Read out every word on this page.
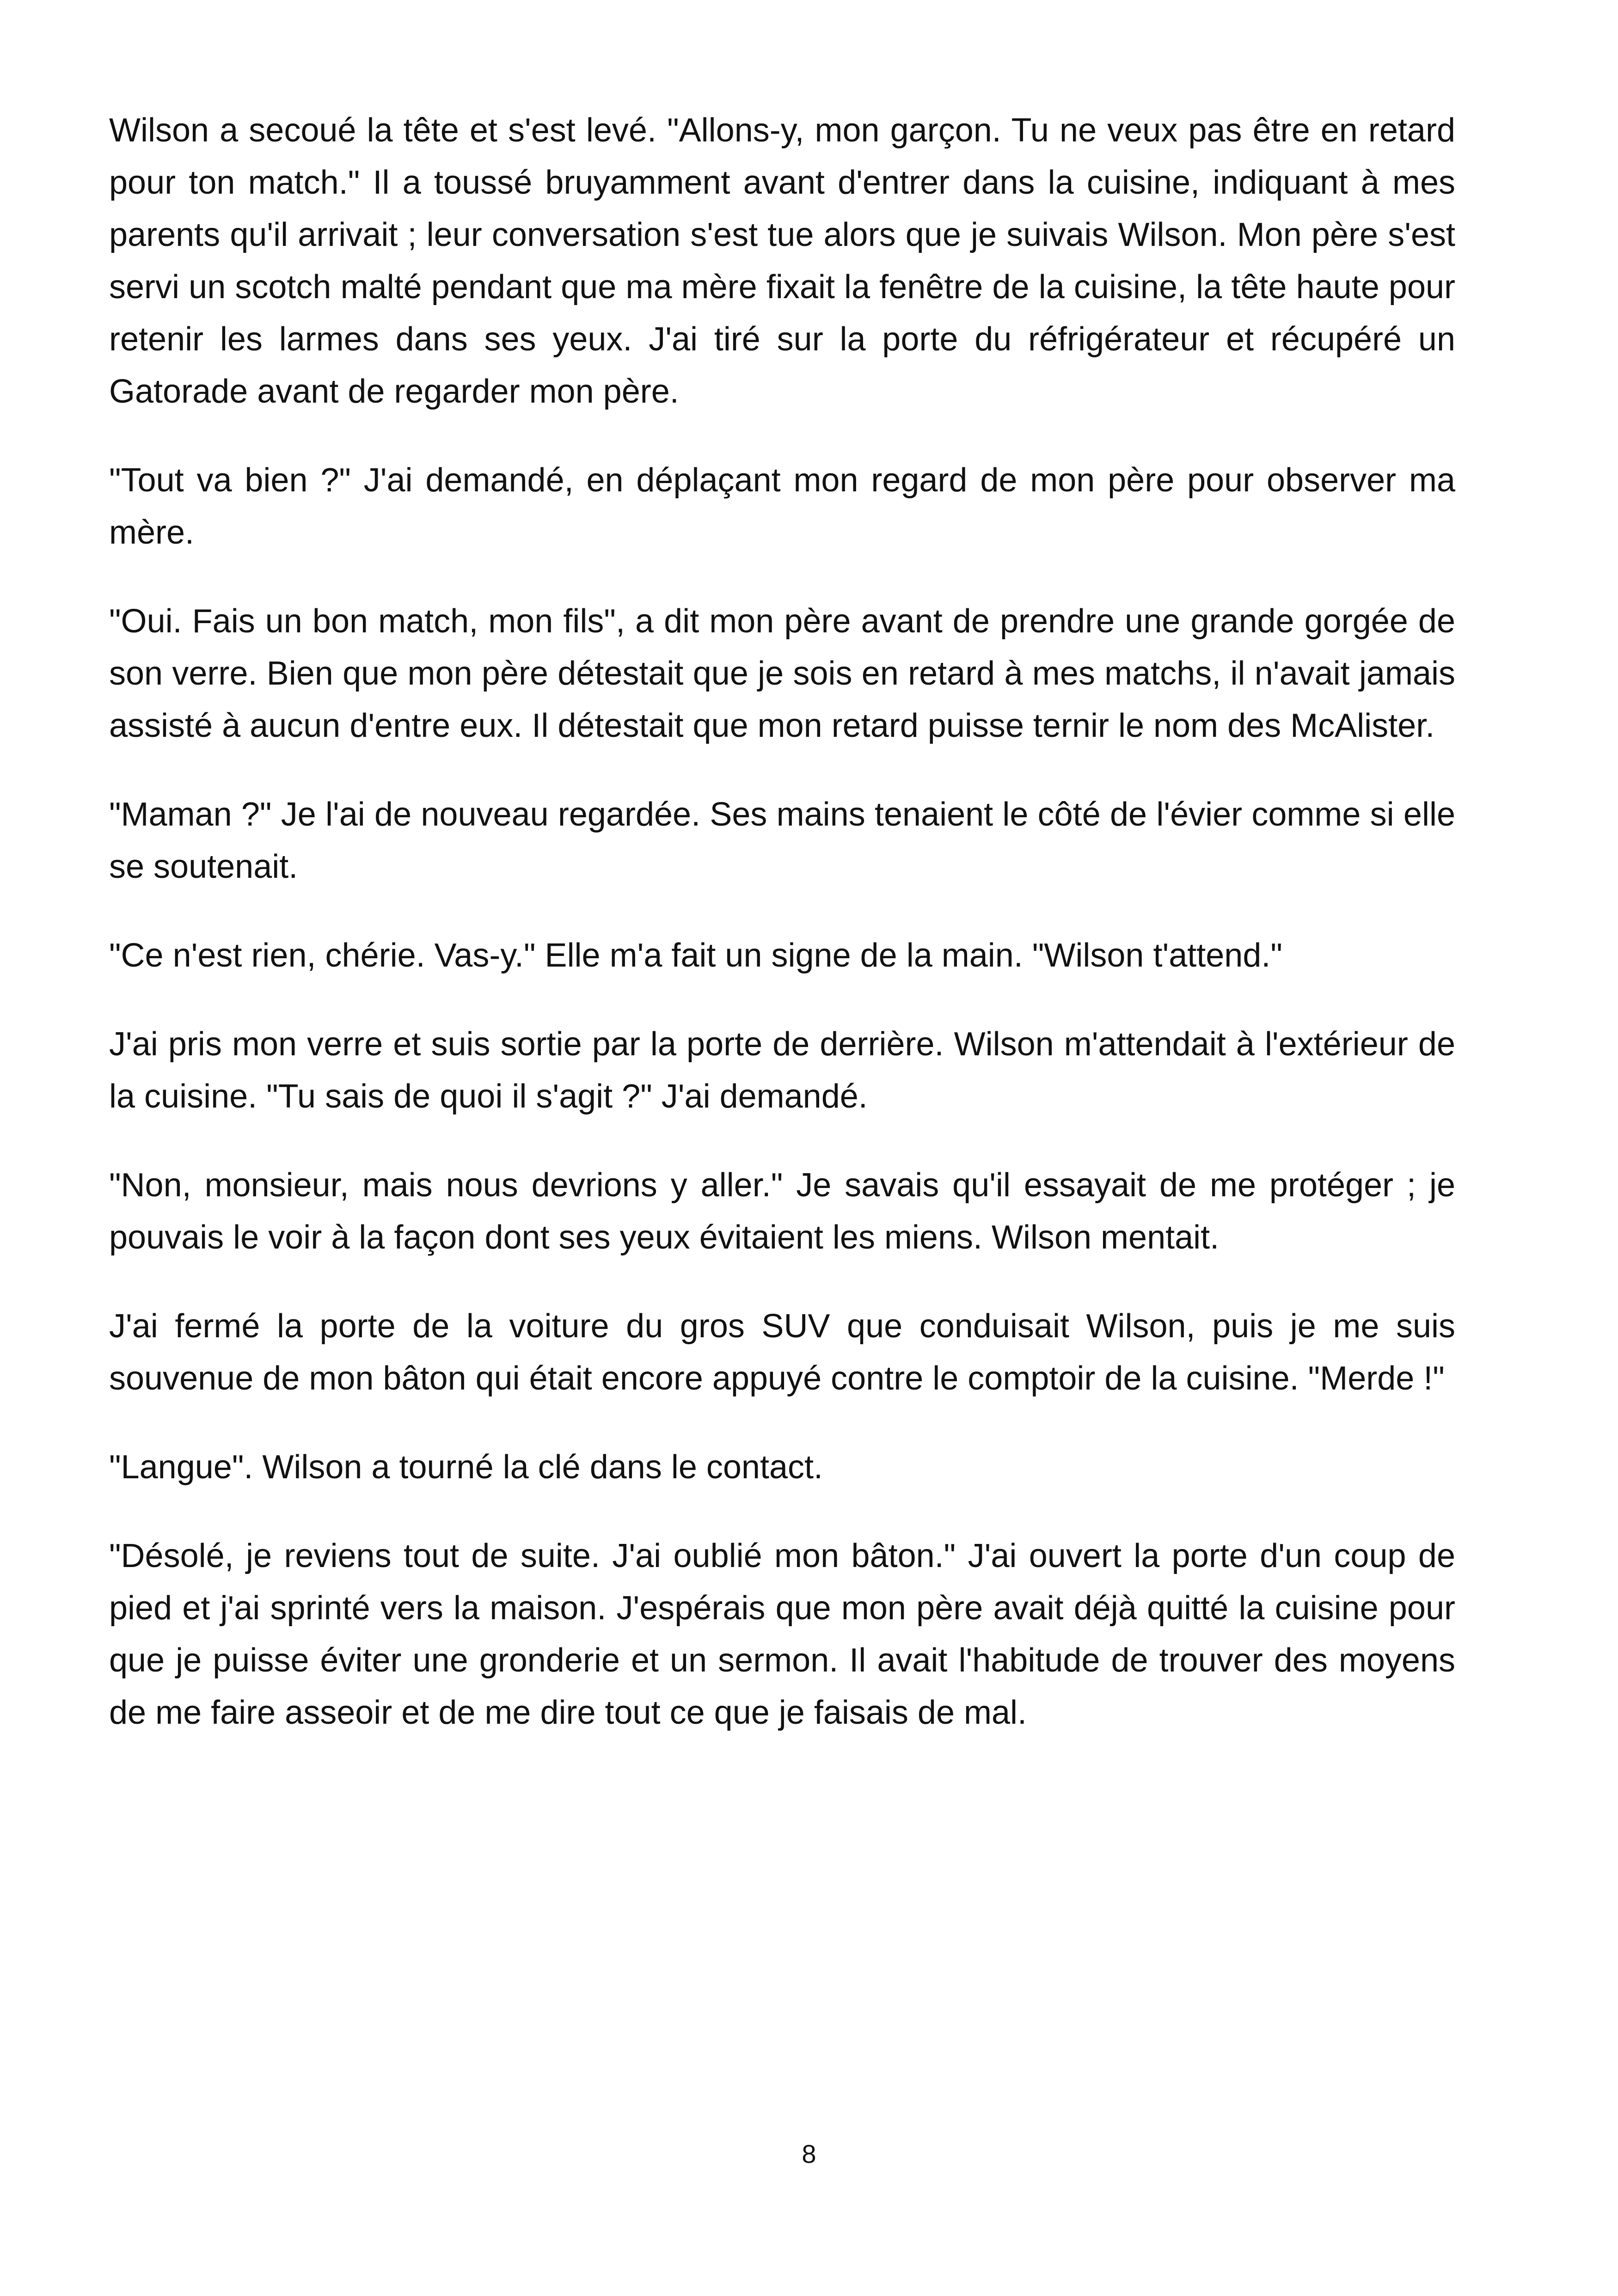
Wilson a secoué la tête et s'est levé. "Allons-y, mon garçon. Tu ne veux pas être en retard pour ton match." Il a toussé bruyamment avant d'entrer dans la cuisine, indiquant à mes parents qu'il arrivait ; leur conversation s'est tue alors que je suivais Wilson. Mon père s'est servi un scotch malté pendant que ma mère fixait la fenêtre de la cuisine, la tête haute pour retenir les larmes dans ses yeux. J'ai tiré sur la porte du réfrigérateur et récupéré un Gatorade avant de regarder mon père.

"Tout va bien ?" J'ai demandé, en déplaçant mon regard de mon père pour observer ma mère.

"Oui. Fais un bon match, mon fils", a dit mon père avant de prendre une grande gorgée de son verre. Bien que mon père détestait que je sois en retard à mes matchs, il n'avait jamais assisté à aucun d'entre eux. Il détestait que mon retard puisse ternir le nom des McAlister.

"Maman ?" Je l'ai de nouveau regardée. Ses mains tenaient le côté de l'évier comme si elle se soutenait.

"Ce n'est rien, chérie. Vas-y." Elle m'a fait un signe de la main. "Wilson t'attend."

J'ai pris mon verre et suis sortie par la porte de derrière. Wilson m'attendait à l'extérieur de la cuisine. "Tu sais de quoi il s'agit ?" J'ai demandé.

"Non, monsieur, mais nous devrions y aller." Je savais qu'il essayait de me protéger ; je pouvais le voir à la façon dont ses yeux évitaient les miens. Wilson mentait.

J'ai fermé la porte de la voiture du gros SUV que conduisait Wilson, puis je me suis souvenue de mon bâton qui était encore appuyé contre le comptoir de la cuisine. "Merde !"

"Langue". Wilson a tourné la clé dans le contact.

"Désolé, je reviens tout de suite. J'ai oublié mon bâton." J'ai ouvert la porte d'un coup de pied et j'ai sprinté vers la maison. J'espérais que mon père avait déjà quitté la cuisine pour que je puisse éviter une gronderie et un sermon. Il avait l'habitude de trouver des moyens de me faire asseoir et de me dire tout ce que je faisais de mal.

8
